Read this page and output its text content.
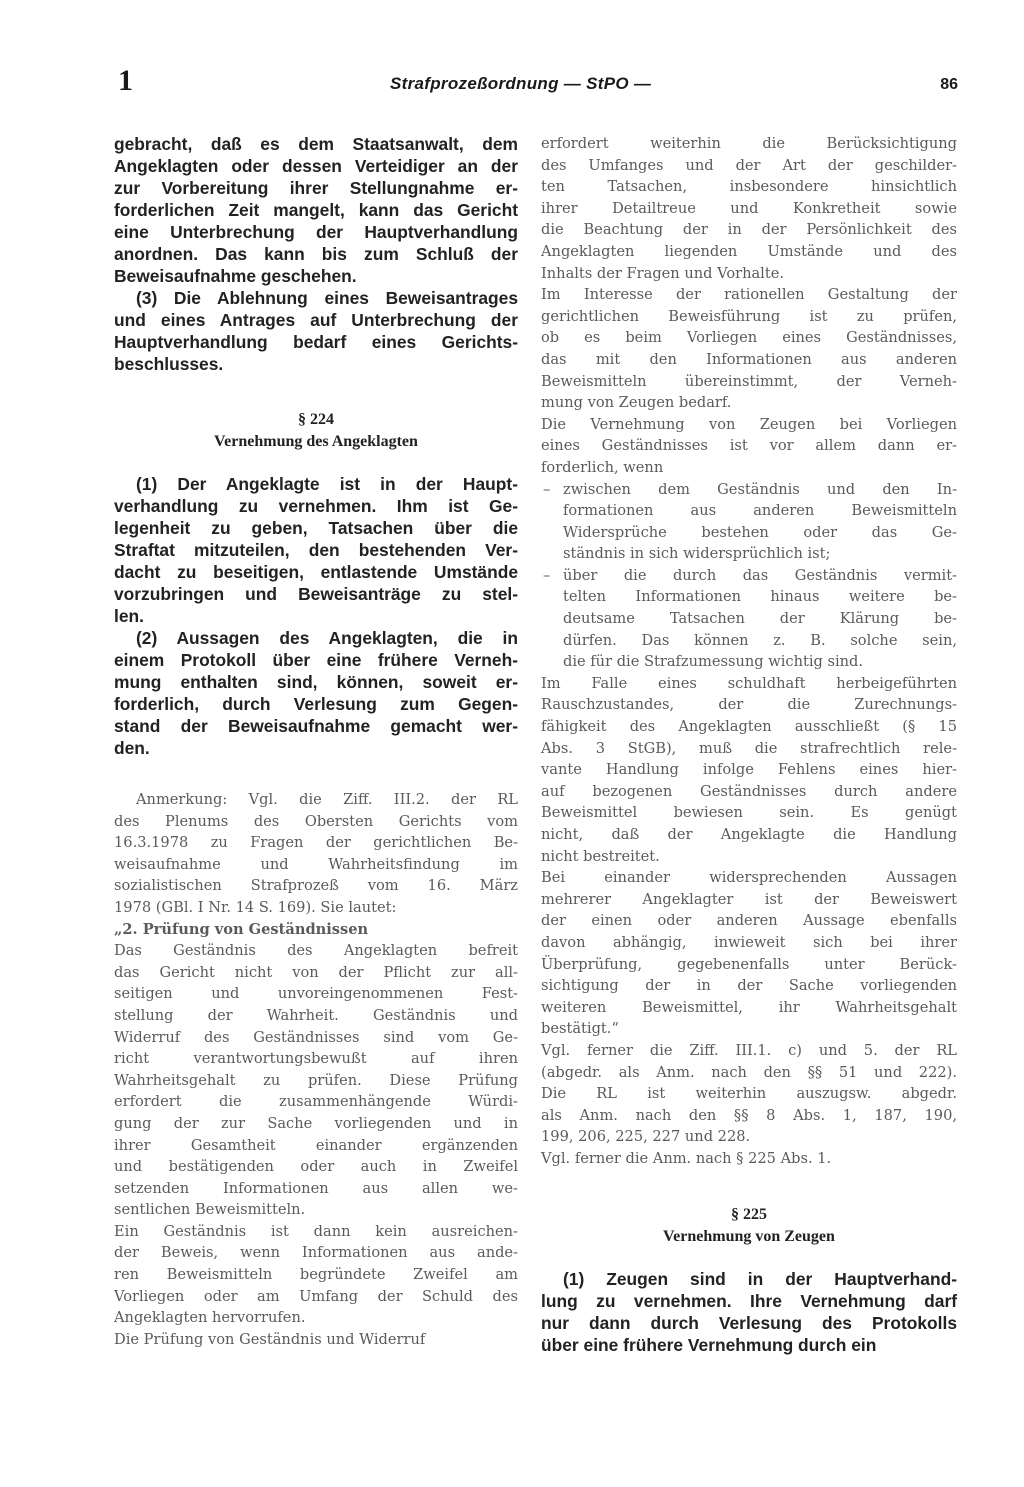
1	Strafprozeßordnung — StPO —	86

gebracht, daß es dem Staatsanwalt, dem

Angeklagten oder dessen Verteidiger an der

zur Vorbereitung ihrer Stellungnahme er-

forderlichen Zeit mangelt, kann das Gericht

eine Unterbrechung der Hauptverhandlung

anordnen. Das kann bis zum Schluß der

Beweisaufnahme geschehen.

(3) Die Ablehnung eines Beweisantrages

und eines Antrages auf Unterbrechung der

Hauptverhandlung bedarf eines Gerichts-

beschlusses.

§ 224
Vernehmung des Angeklagten

(1) Der Angeklagte ist in der Haupt-

verhandlung zu vernehmen. Ihm ist Ge-

legenheit zu geben, Tatsachen über die

Straftat mitzuteilen, den bestehenden Ver-

dacht zu beseitigen, entlastende Umstände

vorzubringen und Beweisanträge zu stel-

len.

(2) Aussagen des Angeklagten, die in

einem Protokoll über eine frühere Verneh-

mung enthalten sind, können, soweit er-

forderlich, durch Verlesung zum Gegen-

stand der Beweisaufnahme gemacht wer-

den.

Anmerkung: Vgl. die Ziff. III.2. der RL

des Plenums des Obersten Gerichts vom

16.3.1978 zu Fragen der gerichtlichen Be-

weisaufnahme und Wahrheitsfindung im

sozialistischen Strafprozeß vom 16. März

1978 (GBl. I Nr. 14 S. 169). Sie lautet:

„2. Prüfung von Geständnissen

Das Geständnis des Angeklagten befreit

das Gericht nicht von der Pflicht zur all-

seitigen und unvoreingenommenen Fest-

stellung der Wahrheit. Geständnis und

Widerruf des Geständnisses sind vom Ge-

richt verantwortungsbewußt auf ihren

Wahrheitsgehalt zu prüfen. Diese Prüfung

erfordert die zusammenhängende Würdi-

gung der zur Sache vorliegenden und in

ihrer Gesamtheit einander ergänzenden

und bestätigenden oder auch in Zweifel

setzenden Informationen aus allen we-

sentlichen Beweismitteln.

Ein Geständnis ist dann kein ausreichen-

der Beweis, wenn Informationen aus ande-

ren Beweismitteln begründete Zweifel am

Vorliegen oder am Umfang der Schuld des

Angeklagten hervorrufen.

Die Prüfung von Geständnis und Widerruf

erfordert weiterhin die Berücksichtigung

des Umfanges und der Art der geschilder-

ten Tatsachen, insbesondere hinsichtlich

ihrer Detailtreue und Konkretheit sowie

die Beachtung der in der Persönlichkeit des

Angeklagten liegenden Umstände und des

Inhalts der Fragen und Vorhalte.

Im Interesse der rationellen Gestaltung der

gerichtlichen Beweisführung ist zu prüfen,

ob es beim Vorliegen eines Geständnisses,

das mit den Informationen aus anderen

Beweismitteln übereinstimmt, der Verneh-

mung von Zeugen bedarf.

Die Vernehmung von Zeugen bei Vorliegen

eines Geständnisses ist vor allem dann er-

forderlich, wenn

– zwischen dem Geständnis und den In-

formationen aus anderen Beweismitteln

Widersprüche bestehen oder das Ge-

ständnis in sich widersprüchlich ist;

– über die durch das Geständnis vermit-

telten Informationen hinaus weitere be-

deutsame Tatsachen der Klärung be-

dürfen. Das können z. B. solche sein,

die für die Strafzumessung wichtig sind.

Im Falle eines schuldhaft herbeigeführten

Rauschzustandes, der die Zurechnungs-

fähigkeit des Angeklagten ausschließt (§ 15

Abs. 3 StGB), muß die strafrechtlich rele-

vante Handlung infolge Fehlens eines hier-

auf bezogenen Geständnisses durch andere

Beweismittel bewiesen sein. Es genügt

nicht, daß der Angeklagte die Handlung

nicht bestreitet.

Bei einander widersprechenden Aussagen

mehrerer Angeklagter ist der Beweiswert

der einen oder anderen Aussage ebenfalls

davon abhängig, inwieweit sich bei ihrer

Überprüfung, gegebenenfalls unter Berück-

sichtigung der in der Sache vorliegenden

weiteren Beweismittel, ihr Wahrheitsgehalt

bestätigt.“

Vgl. ferner die Ziff. III.1. c) und 5. der RL

(abgedr. als Anm. nach den §§ 51 und 222).

Die RL ist weiterhin auszugsw. abgedr.

als Anm. nach den §§ 8 Abs. 1, 187, 190,

199, 206, 225, 227 und 228.

Vgl. ferner die Anm. nach § 225 Abs. 1.

§ 225
Vernehmung von Zeugen

(1) Zeugen sind in der Hauptverhand-

lung zu vernehmen. Ihre Vernehmung darf

nur dann durch Verlesung des Protokolls

über eine frühere Vernehmung durch ein
